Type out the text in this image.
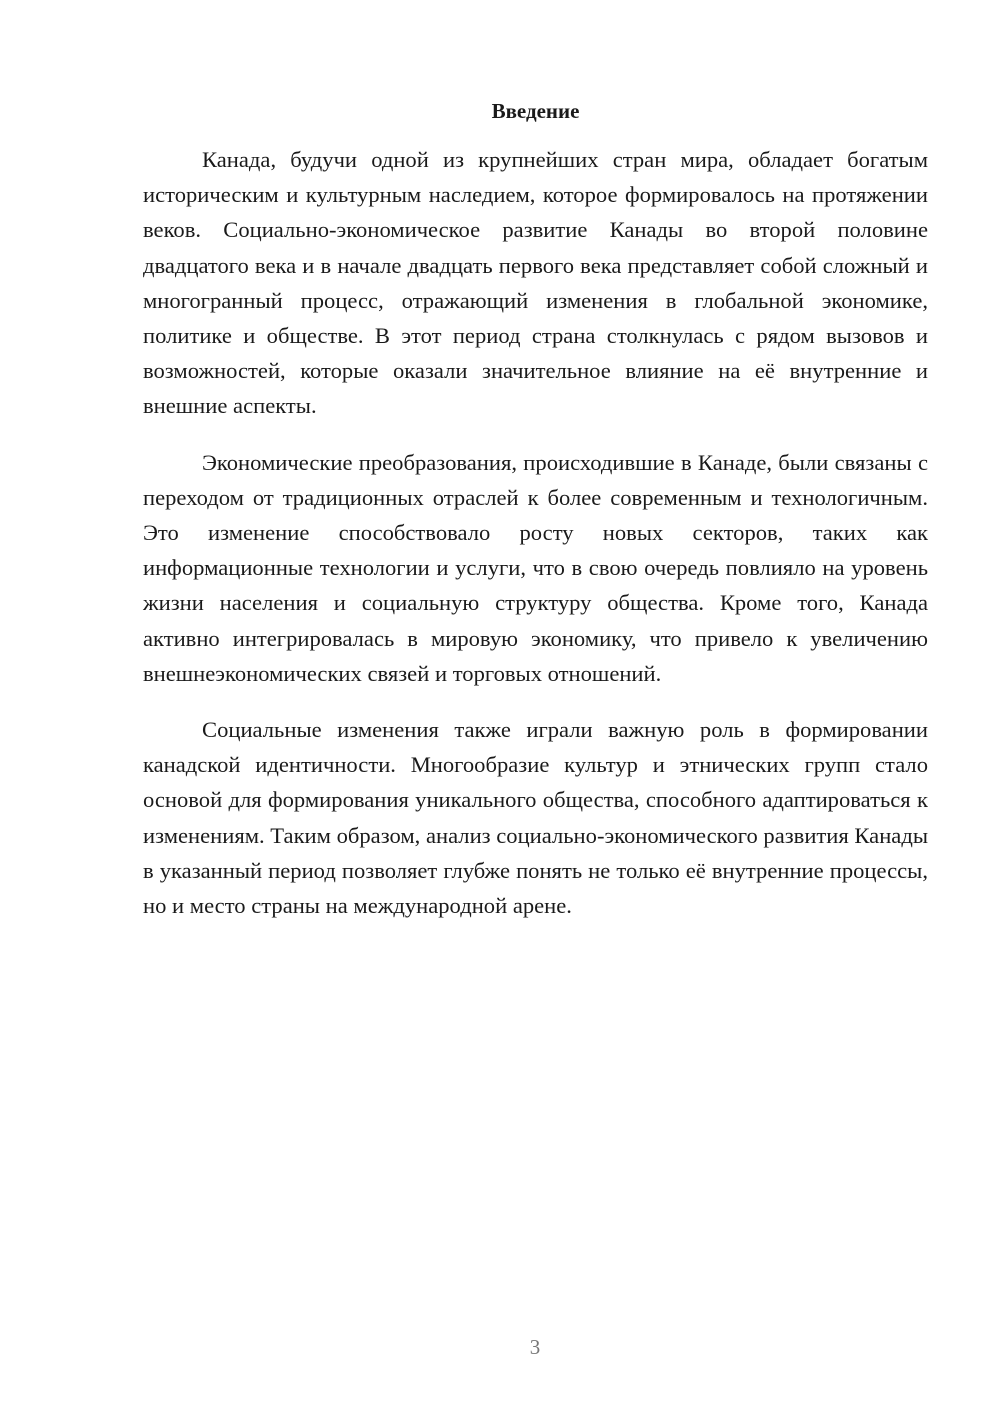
Введение

Канада, будучи одной из крупнейших стран мира, обладает богатым историческим и культурным наследием, которое формировалось на протяжении веков. Социально-экономическое развитие Канады во второй половине двадцатого века и в начале двадцать первого века представляет собой сложный и многогранный процесс, отражающий изменения в глобальной экономике, политике и обществе. В этот период страна столкнулась с рядом вызовов и возможностей, которые оказали значительное влияние на её внутренние и внешние аспекты.

Экономические преобразования, происходившие в Канаде, были связаны с переходом от традиционных отраслей к более современным и технологичным. Это изменение способствовало росту новых секторов, таких как информационные технологии и услуги, что в свою очередь повлияло на уровень жизни населения и социальную структуру общества. Кроме того, Канада активно интегрировалась в мировую экономику, что привело к увеличению внешнеэкономических связей и торговых отношений.

Социальные изменения также играли важную роль в формировании канадской идентичности. Многообразие культур и этнических групп стало основой для формирования уникального общества, способного адаптироваться к изменениям. Таким образом, анализ социально-экономического развития Канады в указанный период позволяет глубже понять не только её внутренние процессы, но и место страны на международной арене.

3
